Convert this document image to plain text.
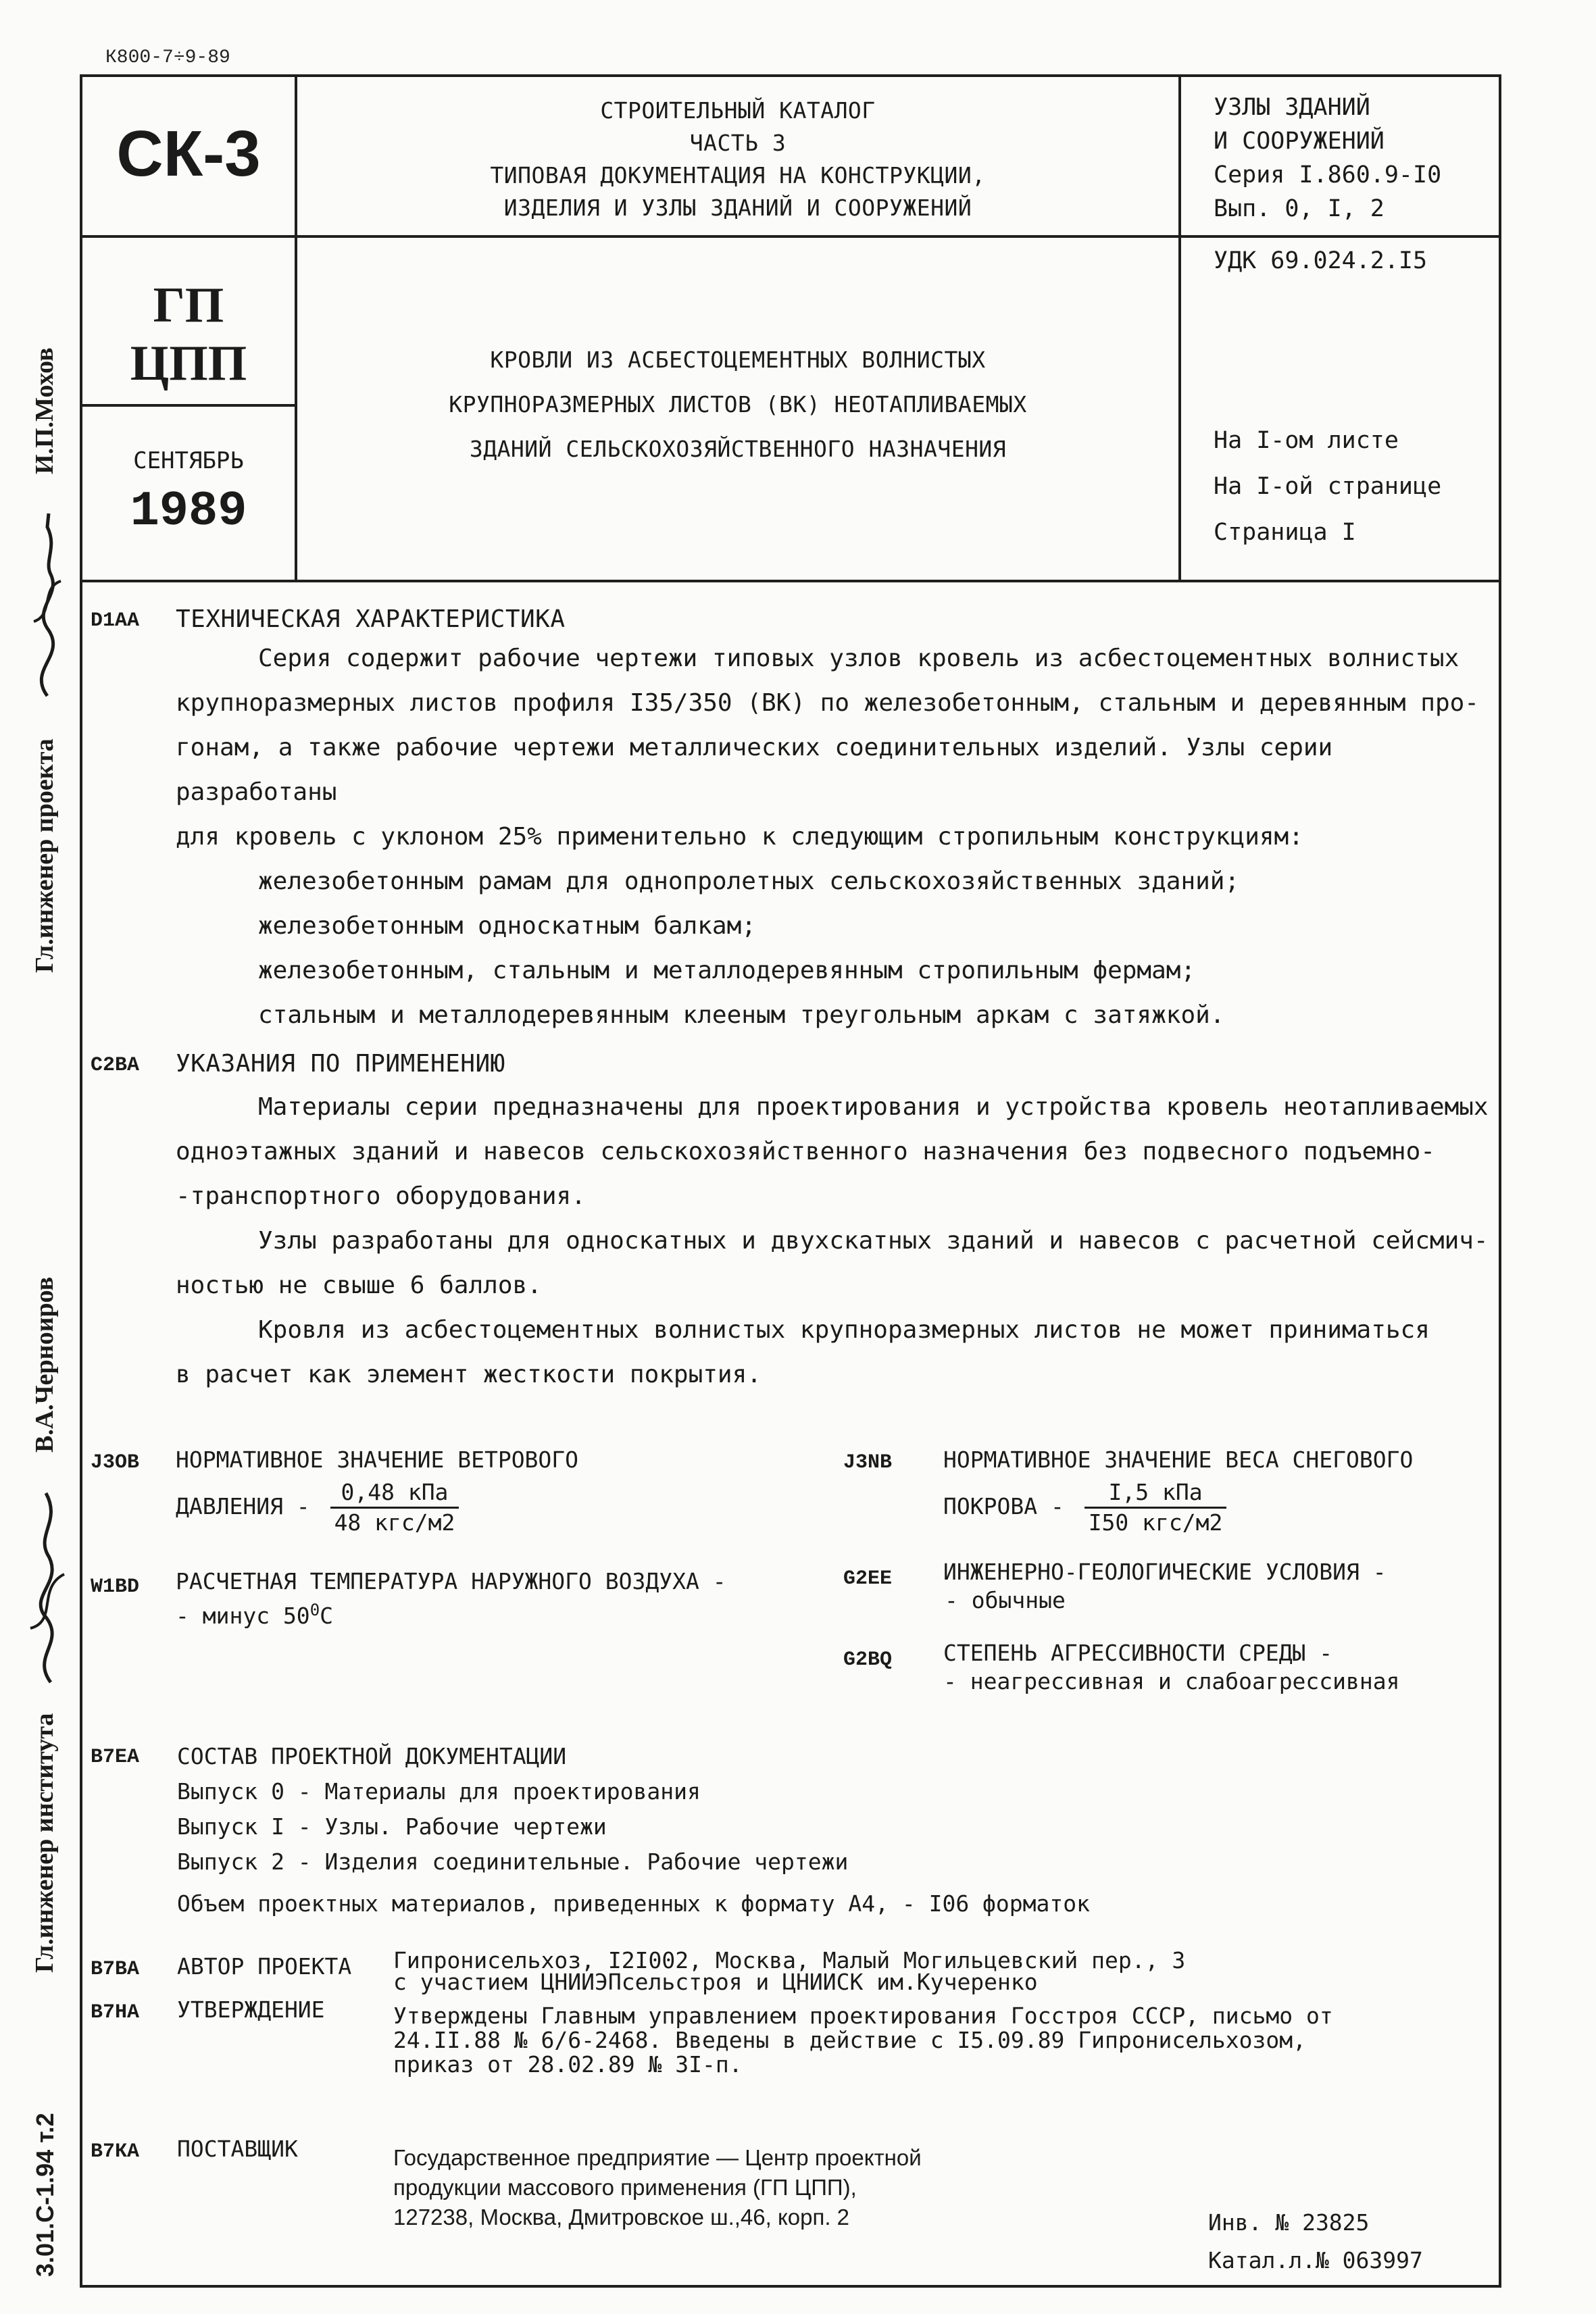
К800-7÷9-89
СК-3
ГП
ЦПП
СЕНТЯБРЬ
1989
СТРОИТЕЛЬНЫЙ КАТАЛОГ
ЧАСТЬ 3
ТИПОВАЯ ДОКУМЕНТАЦИЯ НА КОНСТРУКЦИИ,
ИЗДЕЛИЯ И УЗЛЫ ЗДАНИЙ И СООРУЖЕНИЙ
КРОВЛИ ИЗ АСБЕСТОЦЕМЕНТНЫХ ВОЛНИСТЫХ
КРУПНОРАЗМЕРНЫХ ЛИСТОВ (ВК) НЕОТАПЛИВАЕМЫХ
ЗДАНИЙ СЕЛЬСКОХОЗЯЙСТВЕННОГО НАЗНАЧЕНИЯ
УЗЛЫ ЗДАНИЙ
И СООРУЖЕНИЙ
Серия I.860.9-I0
Вып. 0, I, 2
УДК 69.024.2.I5
На I-ом листе
На I-ой странице
Страница I
И.П.Мохов
Гл.инженер проекта
В.А.Черноиров
Гл.инженер института
3.01.С-1.94 т.2
D1АА ТЕХНИЧЕСКАЯ ХАРАКТЕРИСТИКА

Серия содержит рабочие чертежи типовых узлов кровель из асбестоцементных волнистых

крупноразмерных листов профиля I35/350 (ВК) по железобетонным, стальным и деревянным про-

гонам, а также рабочие чертежи металлических соединительных изделий. Узлы серии разработаны

для кровель с уклоном 25% применительно к следующим стропильным конструкциям:

железобетонным рамам для однопролетных сельскохозяйственных зданий;

железобетонным односкатным балкам;

железобетонным, стальным и металлодеревянным стропильным фермам;

стальным и металлодеревянным клееным треугольным аркам с затяжкой.

С2ВА УКАЗАНИЯ ПО ПРИМЕНЕНИЮ

Материалы серии предназначены для проектирования и устройства кровель неотапливаемых

одноэтажных зданий и навесов сельскохозяйственного назначения без подвесного подъемно-

-транспортного оборудования.

Узлы разработаны для односкатных и двухскатных зданий и навесов с расчетной сейсмич-

ностью не свыше 6 баллов.

Кровля из асбестоцементных волнистых крупноразмерных листов не может приниматься

в расчет как элемент жесткости покрытия.

J3ОВ НОРМАТИВНОЕ ЗНАЧЕНИЕ ВЕТРОВОГО
ДАВЛЕНИЯ - $\frac{\text{0,48 кПа}}{\text{48 кгс/м2}}$
J3NВ НОРМАТИВНОЕ ЗНАЧЕНИЕ ВЕСА СНЕГОВОГО
ПОКРОВА - $\frac{\text{I,5 кПа}}{\text{I50 кгс/м2}}$
W1ВD РАСЧЕТНАЯ ТЕМПЕРАТУРА НАРУЖНОГО ВОЗДУХА -
- минус $50^0С$
G2ЕЕ ИНЖЕНЕРНО-ГЕОЛОГИЧЕСКИЕ УСЛОВИЯ -
- обычные
G2ВQ СТЕПЕНЬ АГРЕССИВНОСТИ СРЕДЫ -
- неагрессивная и слабоагрессивная
В7ЕА СОСТАВ ПРОЕКТНОЙ ДОКУМЕНТАЦИИ
Выпуск 0 - Материалы для проектирования
Выпуск I - Узлы. Рабочие чертежи
Выпуск 2 - Изделия соединительные. Рабочие чертежи
Объем проектных материалов, приведенных к формату А4, - I06 форматок
В7ВА АВТОР ПРОЕКТА Гипронисельхоз, I2I002, Москва, Малый Могильцевский пер., 3
с участием ЦНИИЭПсельстроя и ЦНИИСК им.Кучеренко
В7НА УТВЕРЖДЕНИЕ	Утверждены Главным управлением проектирования Госстроя СССР, письмо от
24.II.88 № 6/6-2468. Введены в действие с I5.09.89 Гипронисельхозом,
приказ от 28.02.89 № 3I-п.
В7КА ПОСТАВЩИК	Государственное предприятие — Центр проектной
продукции массового применения (ГП ЦПП),
127238, Москва, Дмитровское ш.,46, корп. 2	Инв. № 23825
Катал.л.№ 063997
